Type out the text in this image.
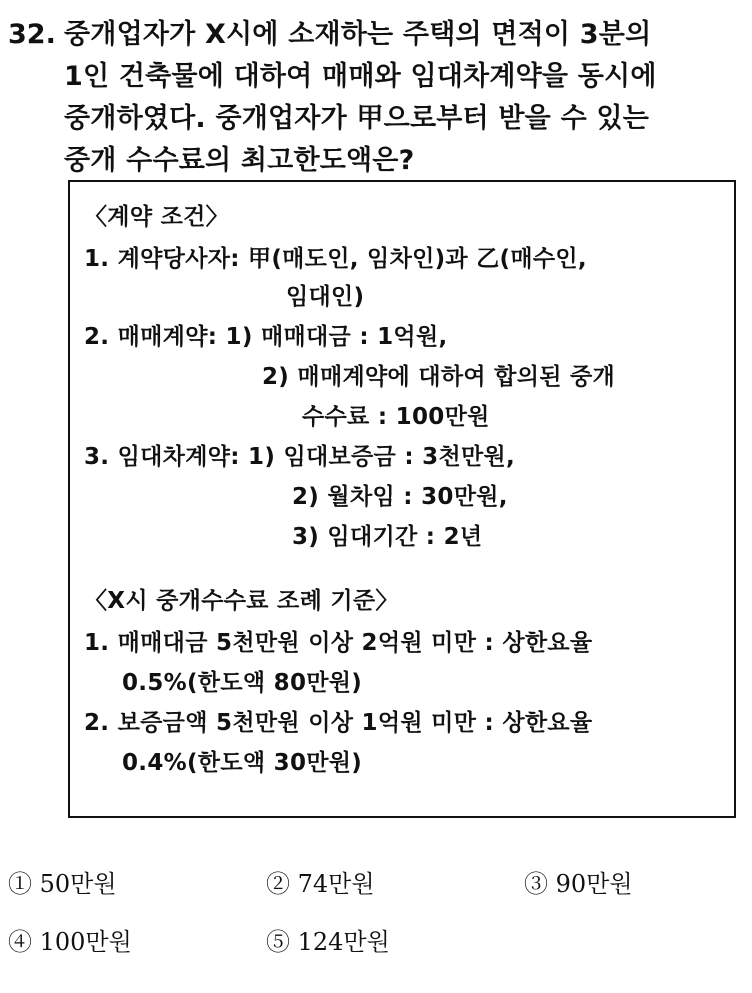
32. 중개업자가 X시에 소재하는 주택의 면적이 3분의
1인 건축물에 대하여 매매와 임대차계약을 동시에
중개하였다. 중개업자가 甲으로부터 받을 수 있는
중개 수수료의 최고한도액은?
〈계약 조건〉
1. 계약당사자: 甲(매도인, 임차인)과 乙(매수인,
임대인)
2. 매매계약: 1) 매매대금 : 1억원,
2) 매매계약에 대하여 합의된 중개
수수료 : 100만원
3. 임대차계약: 1) 임대보증금 : 3천만원,
2) 월차임 : 30만원,
3) 임대기간 : 2년
〈X시 중개수수료 조례 기준〉
1. 매매대금 5천만원 이상 2억원 미만 : 상한요율
0.5%(한도액 80만원)
2. 보증금액 5천만원 이상 1억원 미만 : 상한요율
0.4%(한도액 30만원)
① 50만원	② 74만원	③ 90만원
④ 100만원	⑤ 124만원
